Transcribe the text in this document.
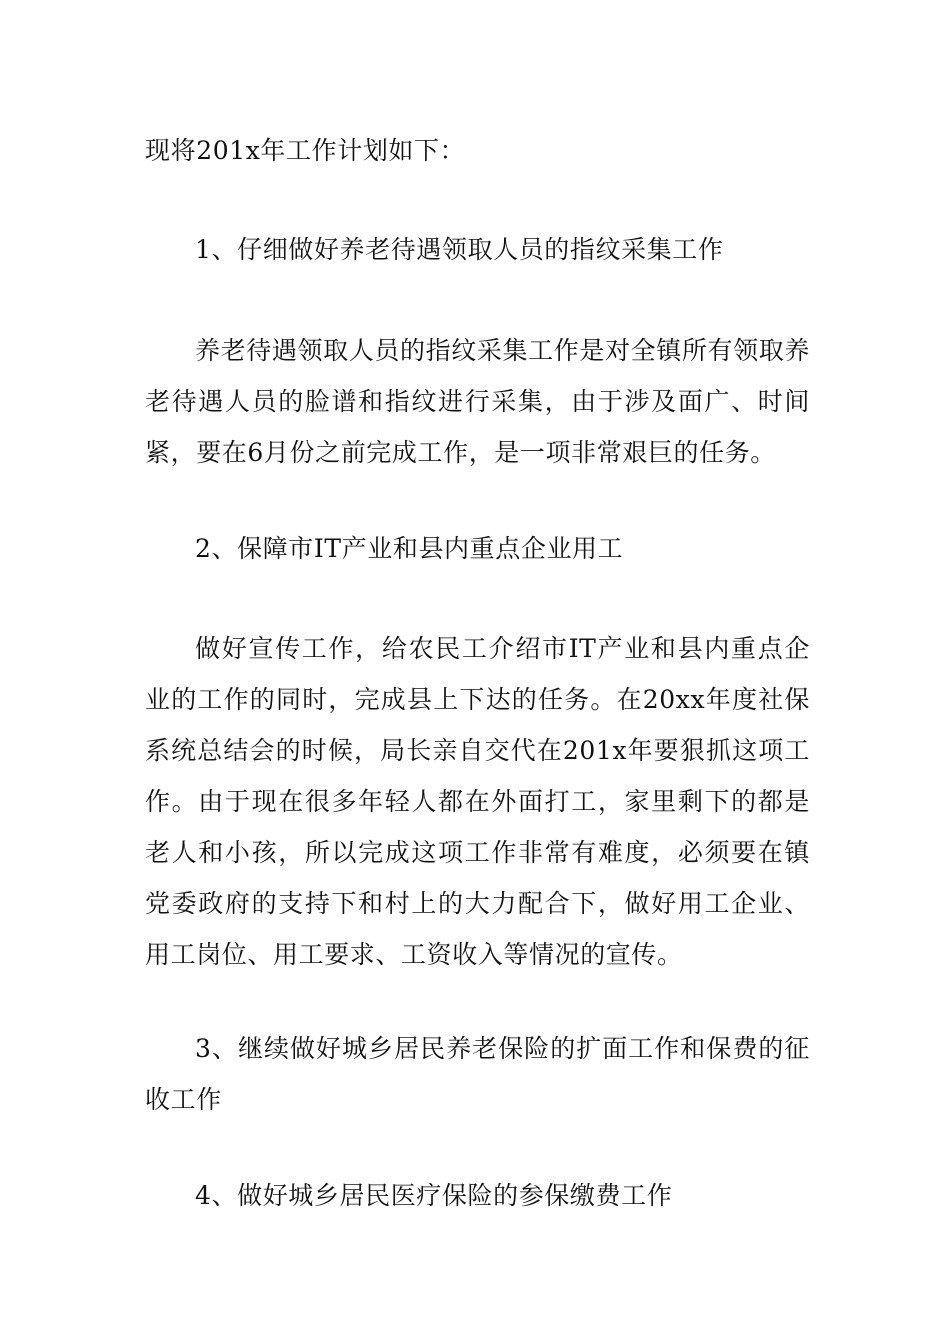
现将201x年工作计划如下：

1、仔细做好养老待遇领取人员的指纹采集工作

养老待遇领取人员的指纹采集工作是对全镇所有领取养老待遇人员的脸谱和指纹进行采集，由于涉及面广、时间紧，要在6月份之前完成工作，是一项非常艰巨的任务。

2、保障市IT产业和县内重点企业用工

做好宣传工作，给农民工介绍市IT产业和县内重点企业的工作的同时，完成县上下达的任务。在20xx年度社保系统总结会的时候，局长亲自交代在201x年要狠抓这项工作。由于现在很多年轻人都在外面打工，家里剩下的都是老人和小孩，所以完成这项工作非常有难度，必须要在镇党委政府的支持下和村上的大力配合下，做好用工企业、用工岗位、用工要求、工资收入等情况的宣传。

3、继续做好城乡居民养老保险的扩面工作和保费的征收工作

4、做好城乡居民医疗保险的参保缴费工作
